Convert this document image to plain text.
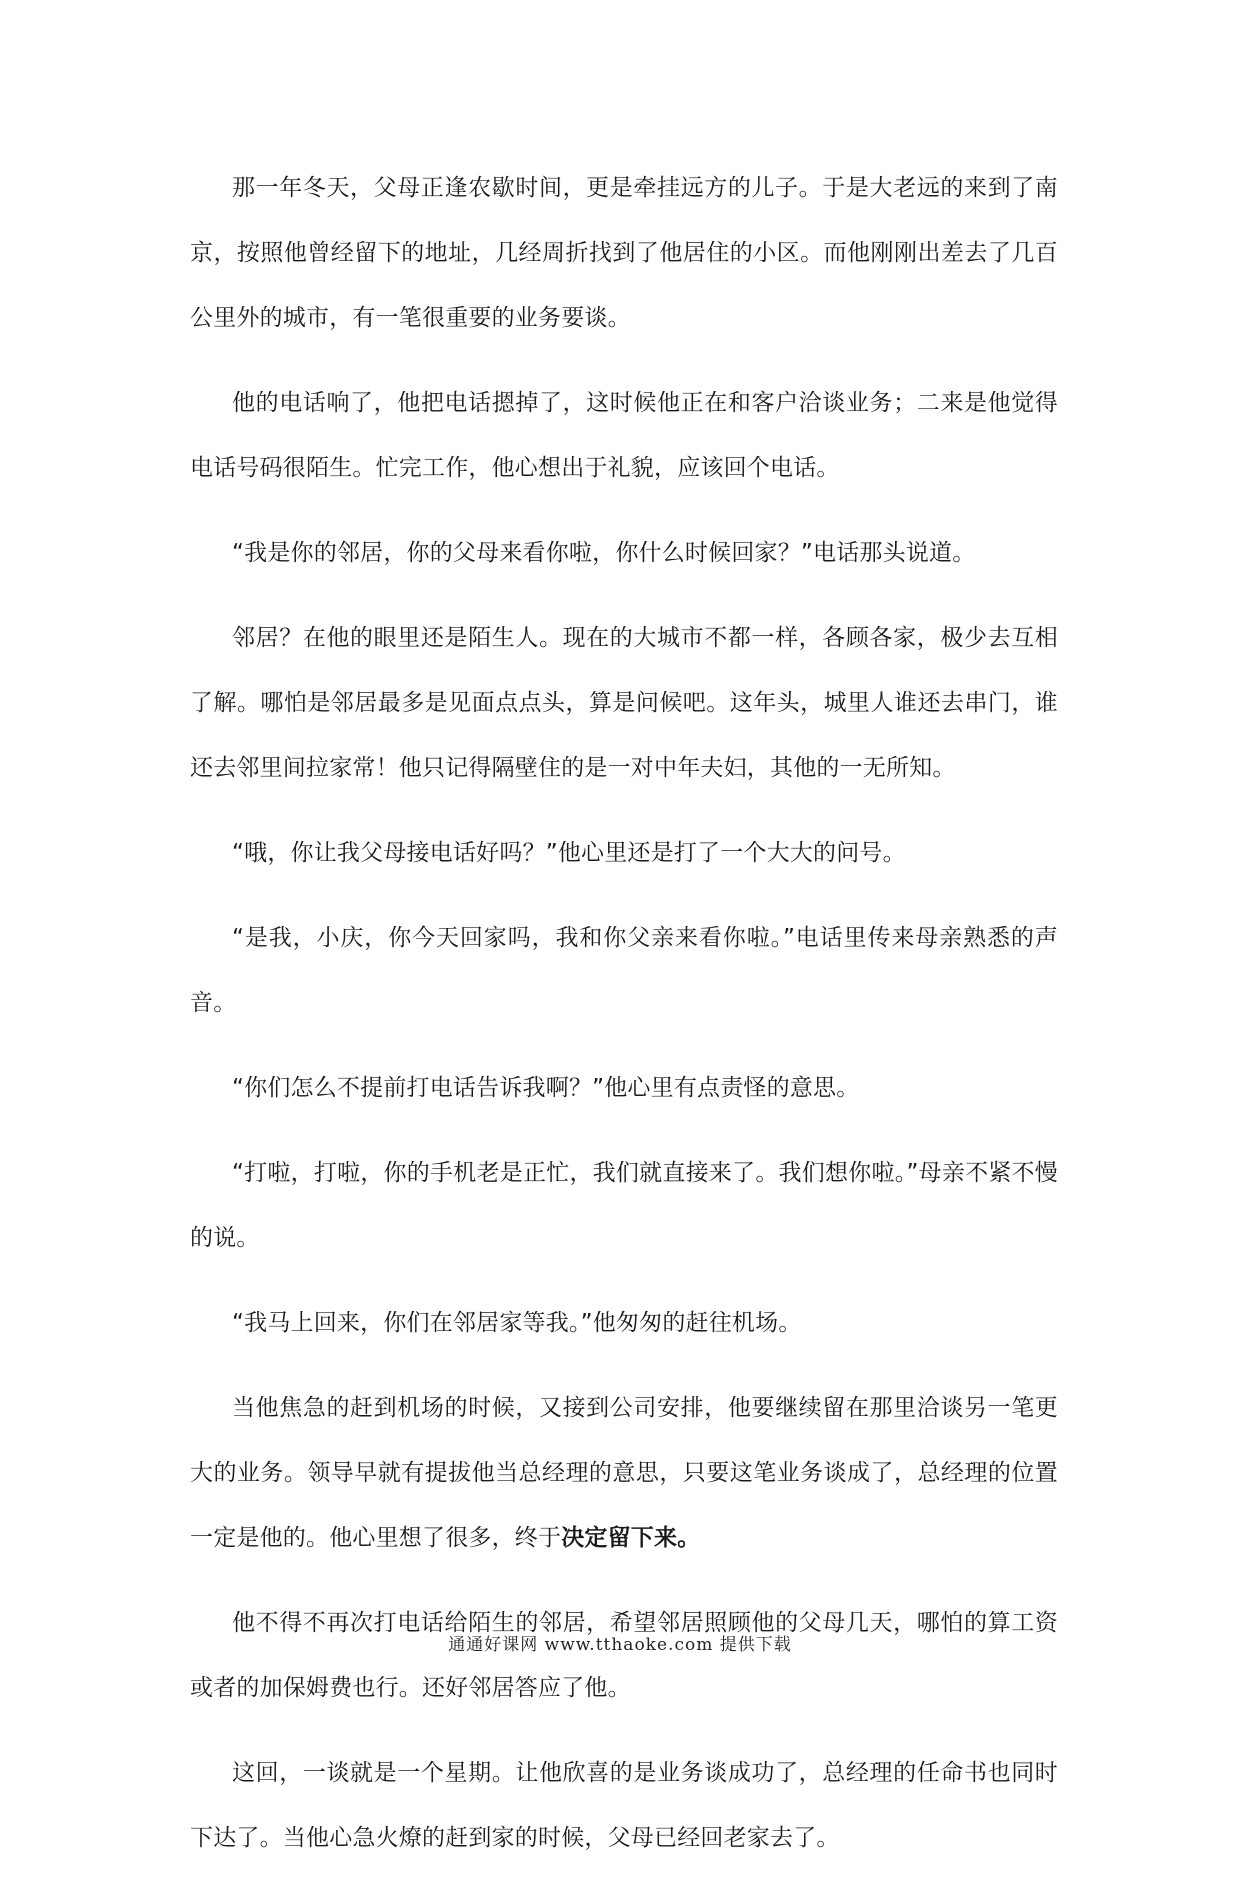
那一年冬天，父母正逢农歇时间，更是牵挂远方的儿子。于是大老远的来到了南京，按照他曾经留下的地址，几经周折找到了他居住的小区。而他刚刚出差去了几百公里外的城市，有一笔很重要的业务要谈。

他的电话响了，他把电话摁掉了，这时候他正在和客户洽谈业务；二来是他觉得电话号码很陌生。忙完工作，他心想出于礼貌，应该回个电话。

“我是你的邻居，你的父母来看你啦，你什么时候回家？”电话那头说道。

邻居？在他的眼里还是陌生人。现在的大城市不都一样，各顾各家，极少去互相了解。哪怕是邻居最多是见面点点头，算是问候吧。这年头，城里人谁还去串门，谁还去邻里间拉家常！他只记得隔壁住的是一对中年夫妇，其他的一无所知。

“哦，你让我父母接电话好吗？”他心里还是打了一个大大的问号。

“是我，小庆，你今天回家吗，我和你父亲来看你啦。”电话里传来母亲熟悉的声音。

“你们怎么不提前打电话告诉我啊？”他心里有点责怪的意思。

“打啦，打啦，你的手机老是正忙，我们就直接来了。我们想你啦。”母亲不紧不慢的说。

“我马上回来，你们在邻居家等我。”他匆匆的赶往机场。

当他焦急的赶到机场的时候，又接到公司安排，他要继续留在那里洽谈另一笔更大的业务。领导早就有提拔他当总经理的意思，只要这笔业务谈成了，总经理的位置一定是他的。他心里想了很多，终于决定留下来。

他不得不再次打电话给陌生的邻居，希望邻居照顾他的父母几天，哪怕的算工资或者的加保姆费也行。还好邻居答应了他。

这回，一谈就是一个星期。让他欣喜的是业务谈成功了，总经理的任命书也同时下达了。当他心急火燎的赶到家的时候，父母已经回老家去了。

通通好课网 www.tthaoke.com 提供下载
